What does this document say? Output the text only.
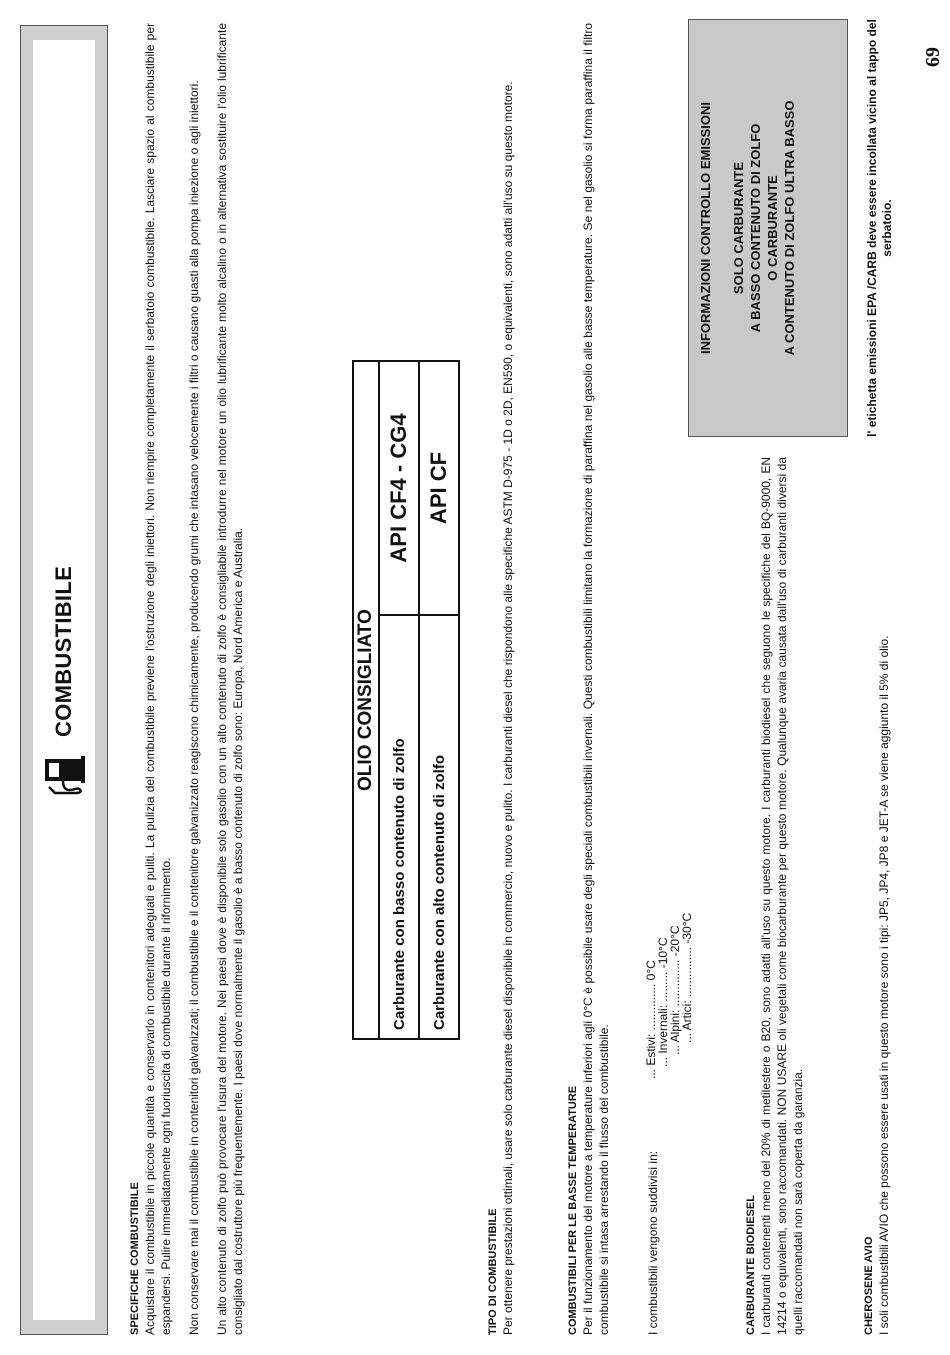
COMBUSTIBILE

SPECIFICHE COMBUSTIBILE Acquistare il combustibile in piccole quantità e conservarlo in contenitori adeguati e puliti. La pulizia del combustibile previene l'ostruzione degli iniettori. Non riempire completamente il serbatoio combustibile. Lasciare spazio al combustibile per espandersi. Pulire immediatamente ogni fuoriuscita di combustibile durante il rifornimento. Non conservare mai il combustibile in contenitori galvanizzati; il combustibile e il contenitore galvanizzato reagiscono chimicamente, producendo grumi che intasano velocemente i filtri o causano guasti alla pompa iniezione o agli iniettori. Un alto contenuto di zolfo può provocare l'usura del motore. Nei paesi dove è disponibile solo gasolio con un alto contenuto di zolfo è consigliabile introdurre nel motore un olio lubrificante molto alcalino o in alternativa sostituire l'olio lubrificante consigliato dal costruttore più frequentemente. I paesi dove normalmente il gasolio è a basso contenuto di zolfo sono: Europa, Nord America e Australia.	OLIO CONSIGLIATO	
Carburante con basso contenuto di zolfo	API CF4 - CG4
Carburante con alto contenuto di zolfo	API CF

TIPO DI COMBUSTIBILE Per ottenere prestazioni ottimali, usare solo carburante diesel disponibile in commercio, nuovo e pulito. I carburanti diesel che rispondono alle specifiche ASTM D-975 - 1D o 2D, EN590, o equivalenti, sono adatti all'uso su questo motore.	COMBUSTIBILI PER LE BASSE TEMPERATURE Per il funzionamento del motore a temperature inferiori agli 0°C è possibile usare degli speciali combustibili invernali. Questi combustibili limitano la formazione di paraffina nel gasolio alle basse temperature. Se nel gasolio si forma paraffina il filtro combustibile si intasa arrestando il flusso del combustibile.	I combustibili vengono suddivisi in:
... Estivi: .............. 0°C
... Invernali: ......... -10°C
... Alpini: .............. -20°C
... Artici: ............... -30°C

CARBURANTE BIODIESEL I carburanti contenenti meno del 20% di metilestere o B20, sono adatti all'uso su questo motore. I carburanti biodiesel che seguono le specifiche del BQ-9000, EN 14214 o equivalenti, sono raccomandati. NON USARE oli vegetali come biocarburante per questo motore. Qualunque avaria causata dall'uso di carburanti diversi da quelli raccomandati non sarà coperta da garanzia.	CHEROSENE AVIO I soli combustibili AVIO che possono essere usati in questo motore sono i tipi: JP5, JP4, JP8 e JET-A se viene aggiunto il 5% di olio.

INFORMAZIONI CONTROLLO EMISSIONI SOLO CARBURANTE A BASSO CONTENUTO DI ZOLFO O CARBURANTE A CONTENUTO DI ZOLFO ULTRA BASSO	l' etichetta emissioni EPA /CARB deve essere incollata vicino al tappo del serbatoio.
69
